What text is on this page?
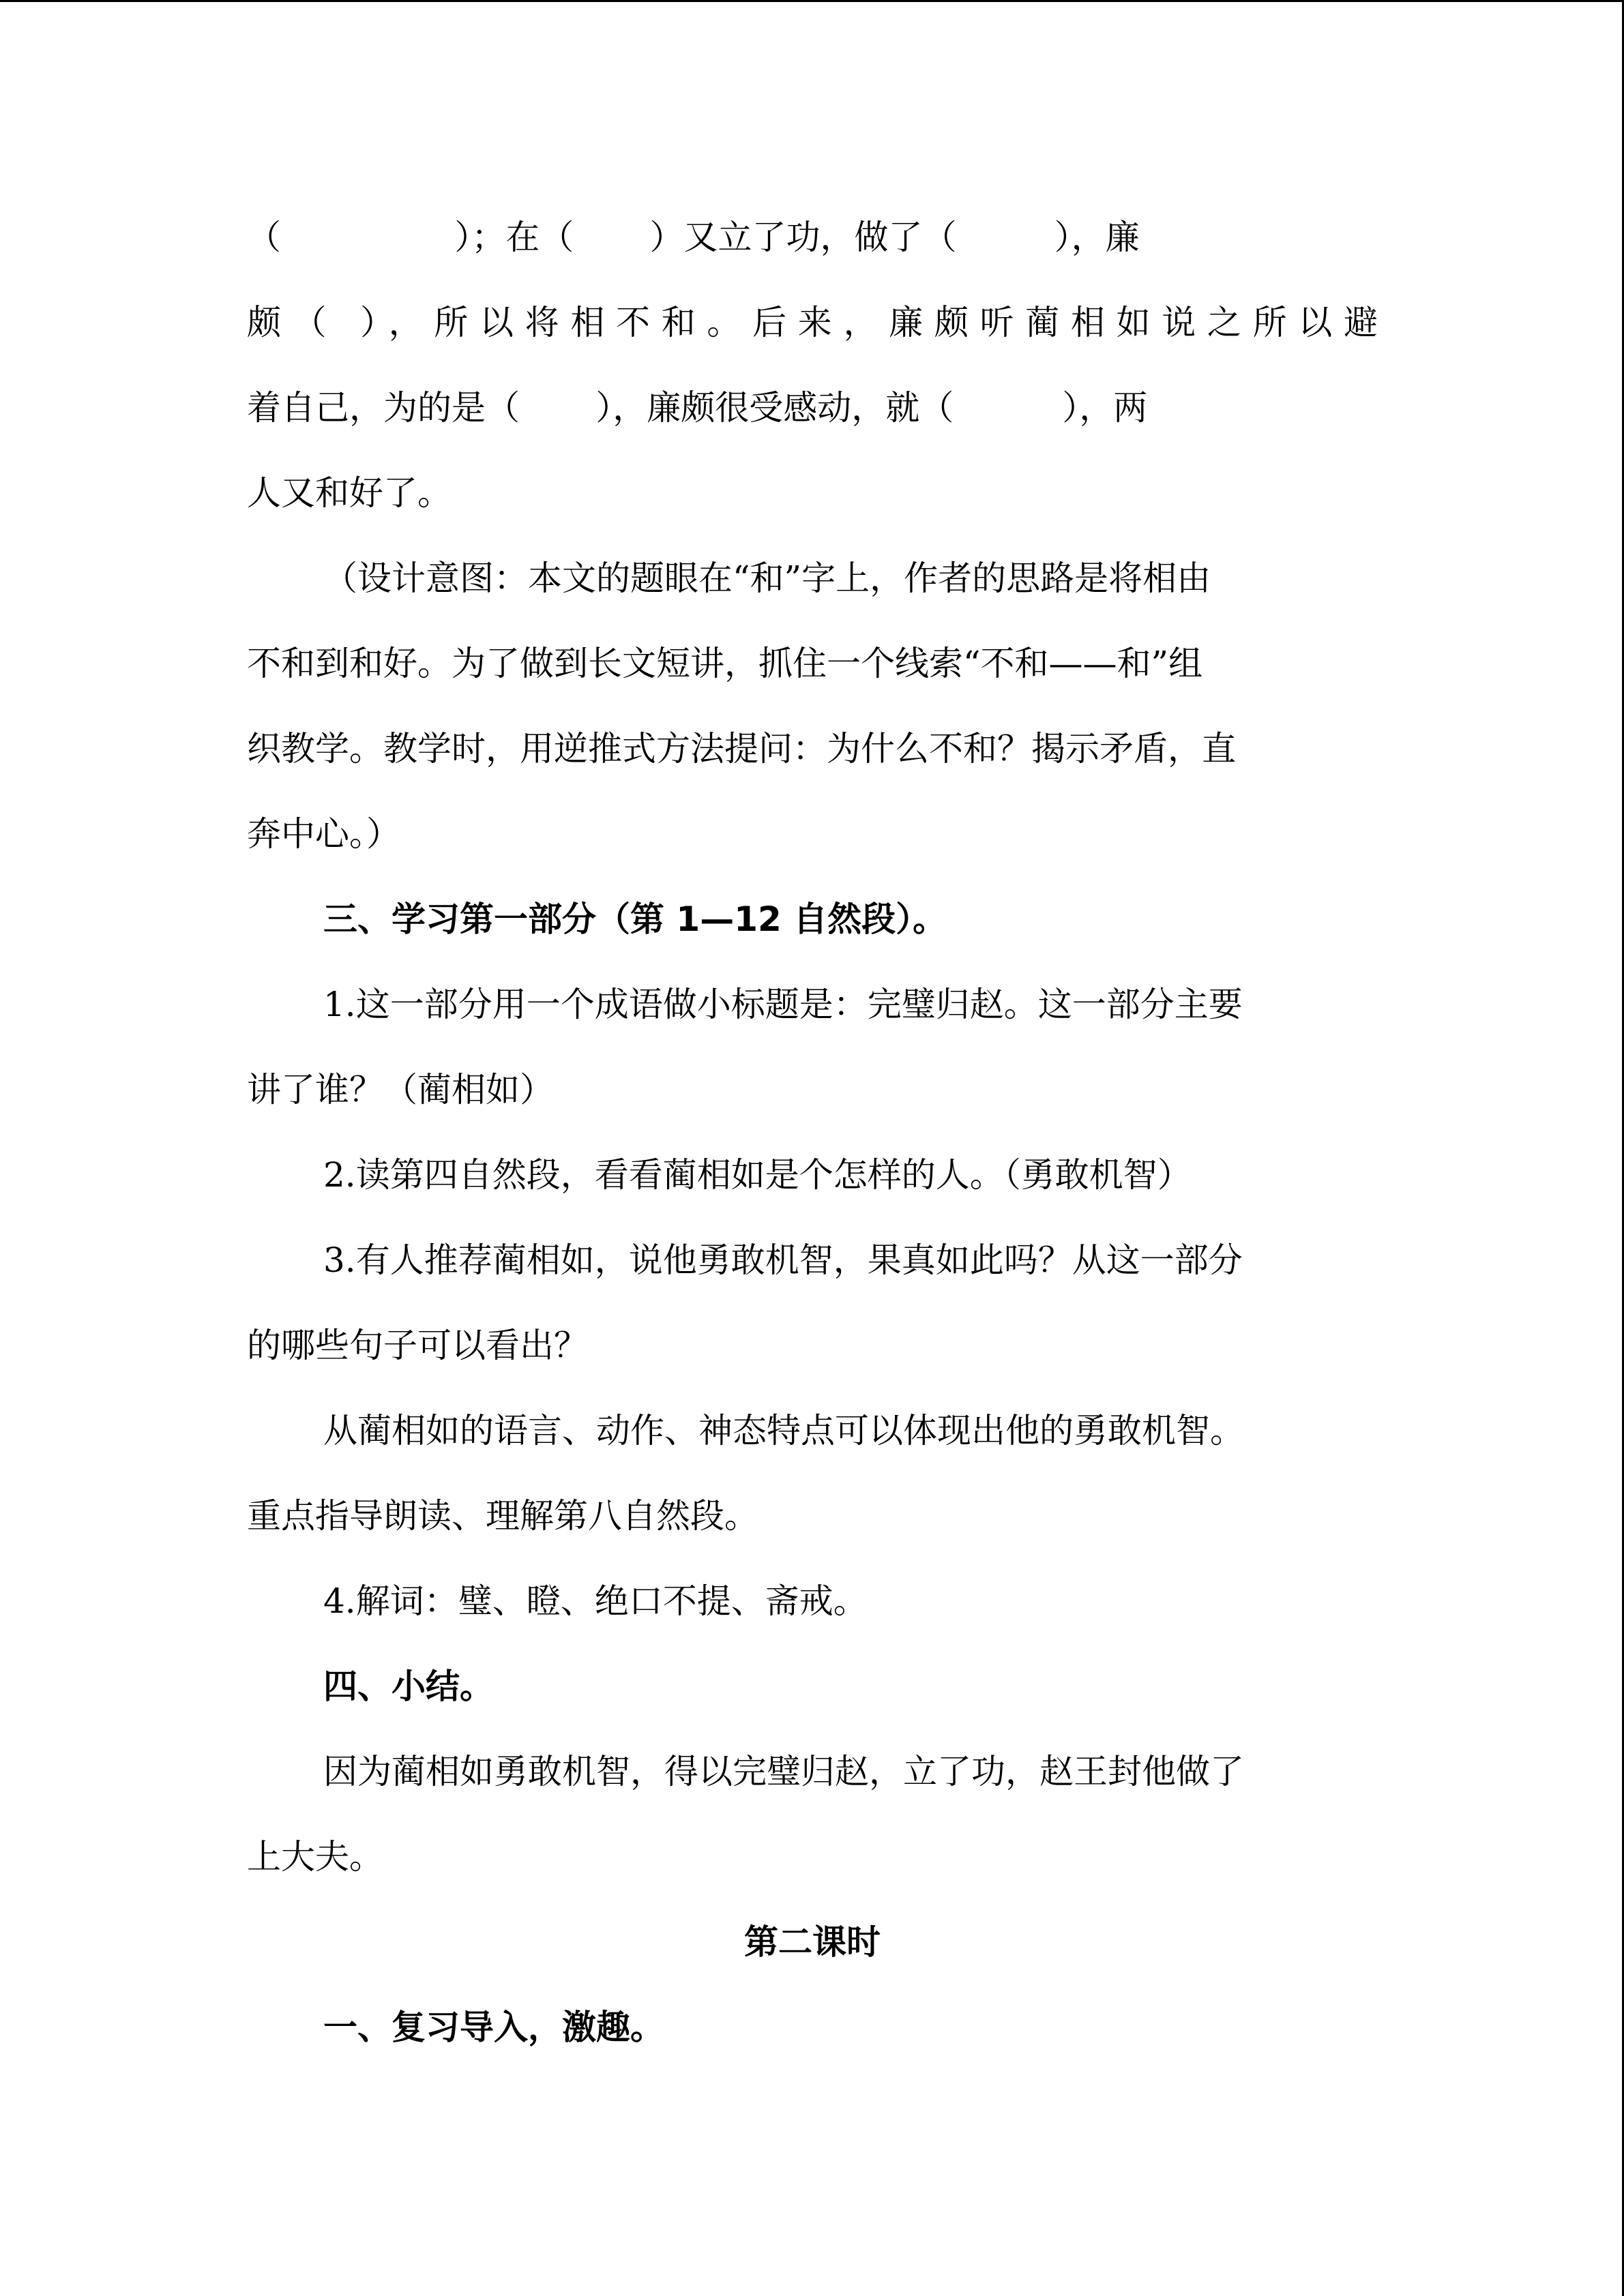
（                ）；在（       ）又立了功，做了（         ），廉
颇（ ），所以将相不和。后来，廉颇听蔺相如说之所以避
着自己，为的是（       ），廉颇很受感动，就（          ），两
人又和好了。
（设计意图：本文的题眼在“和”字上，作者的思路是将相由
不和到和好。为了做到长文短讲，抓住一个线索“不和——和”组
织教学。教学时，用逆推式方法提问：为什么不和？揭示矛盾，直
奔中心。）
三、学习第一部分（第 1—12 自然段）。
1.这一部分用一个成语做小标题是：完璧归赵。这一部分主要
讲了谁？（蔺相如）
2.读第四自然段，看看蔺相如是个怎样的人。（勇敢机智）
3.有人推荐蔺相如，说他勇敢机智，果真如此吗？从这一部分
的哪些句子可以看出？
从蔺相如的语言、动作、神态特点可以体现出他的勇敢机智。
重点指导朗读、理解第八自然段。
4.解词：璧、瞪、绝口不提、斋戒。
四、小结。
因为蔺相如勇敢机智，得以完璧归赵，立了功，赵王封他做了
上大夫。
第二课时
一、复习导入，激趣。
